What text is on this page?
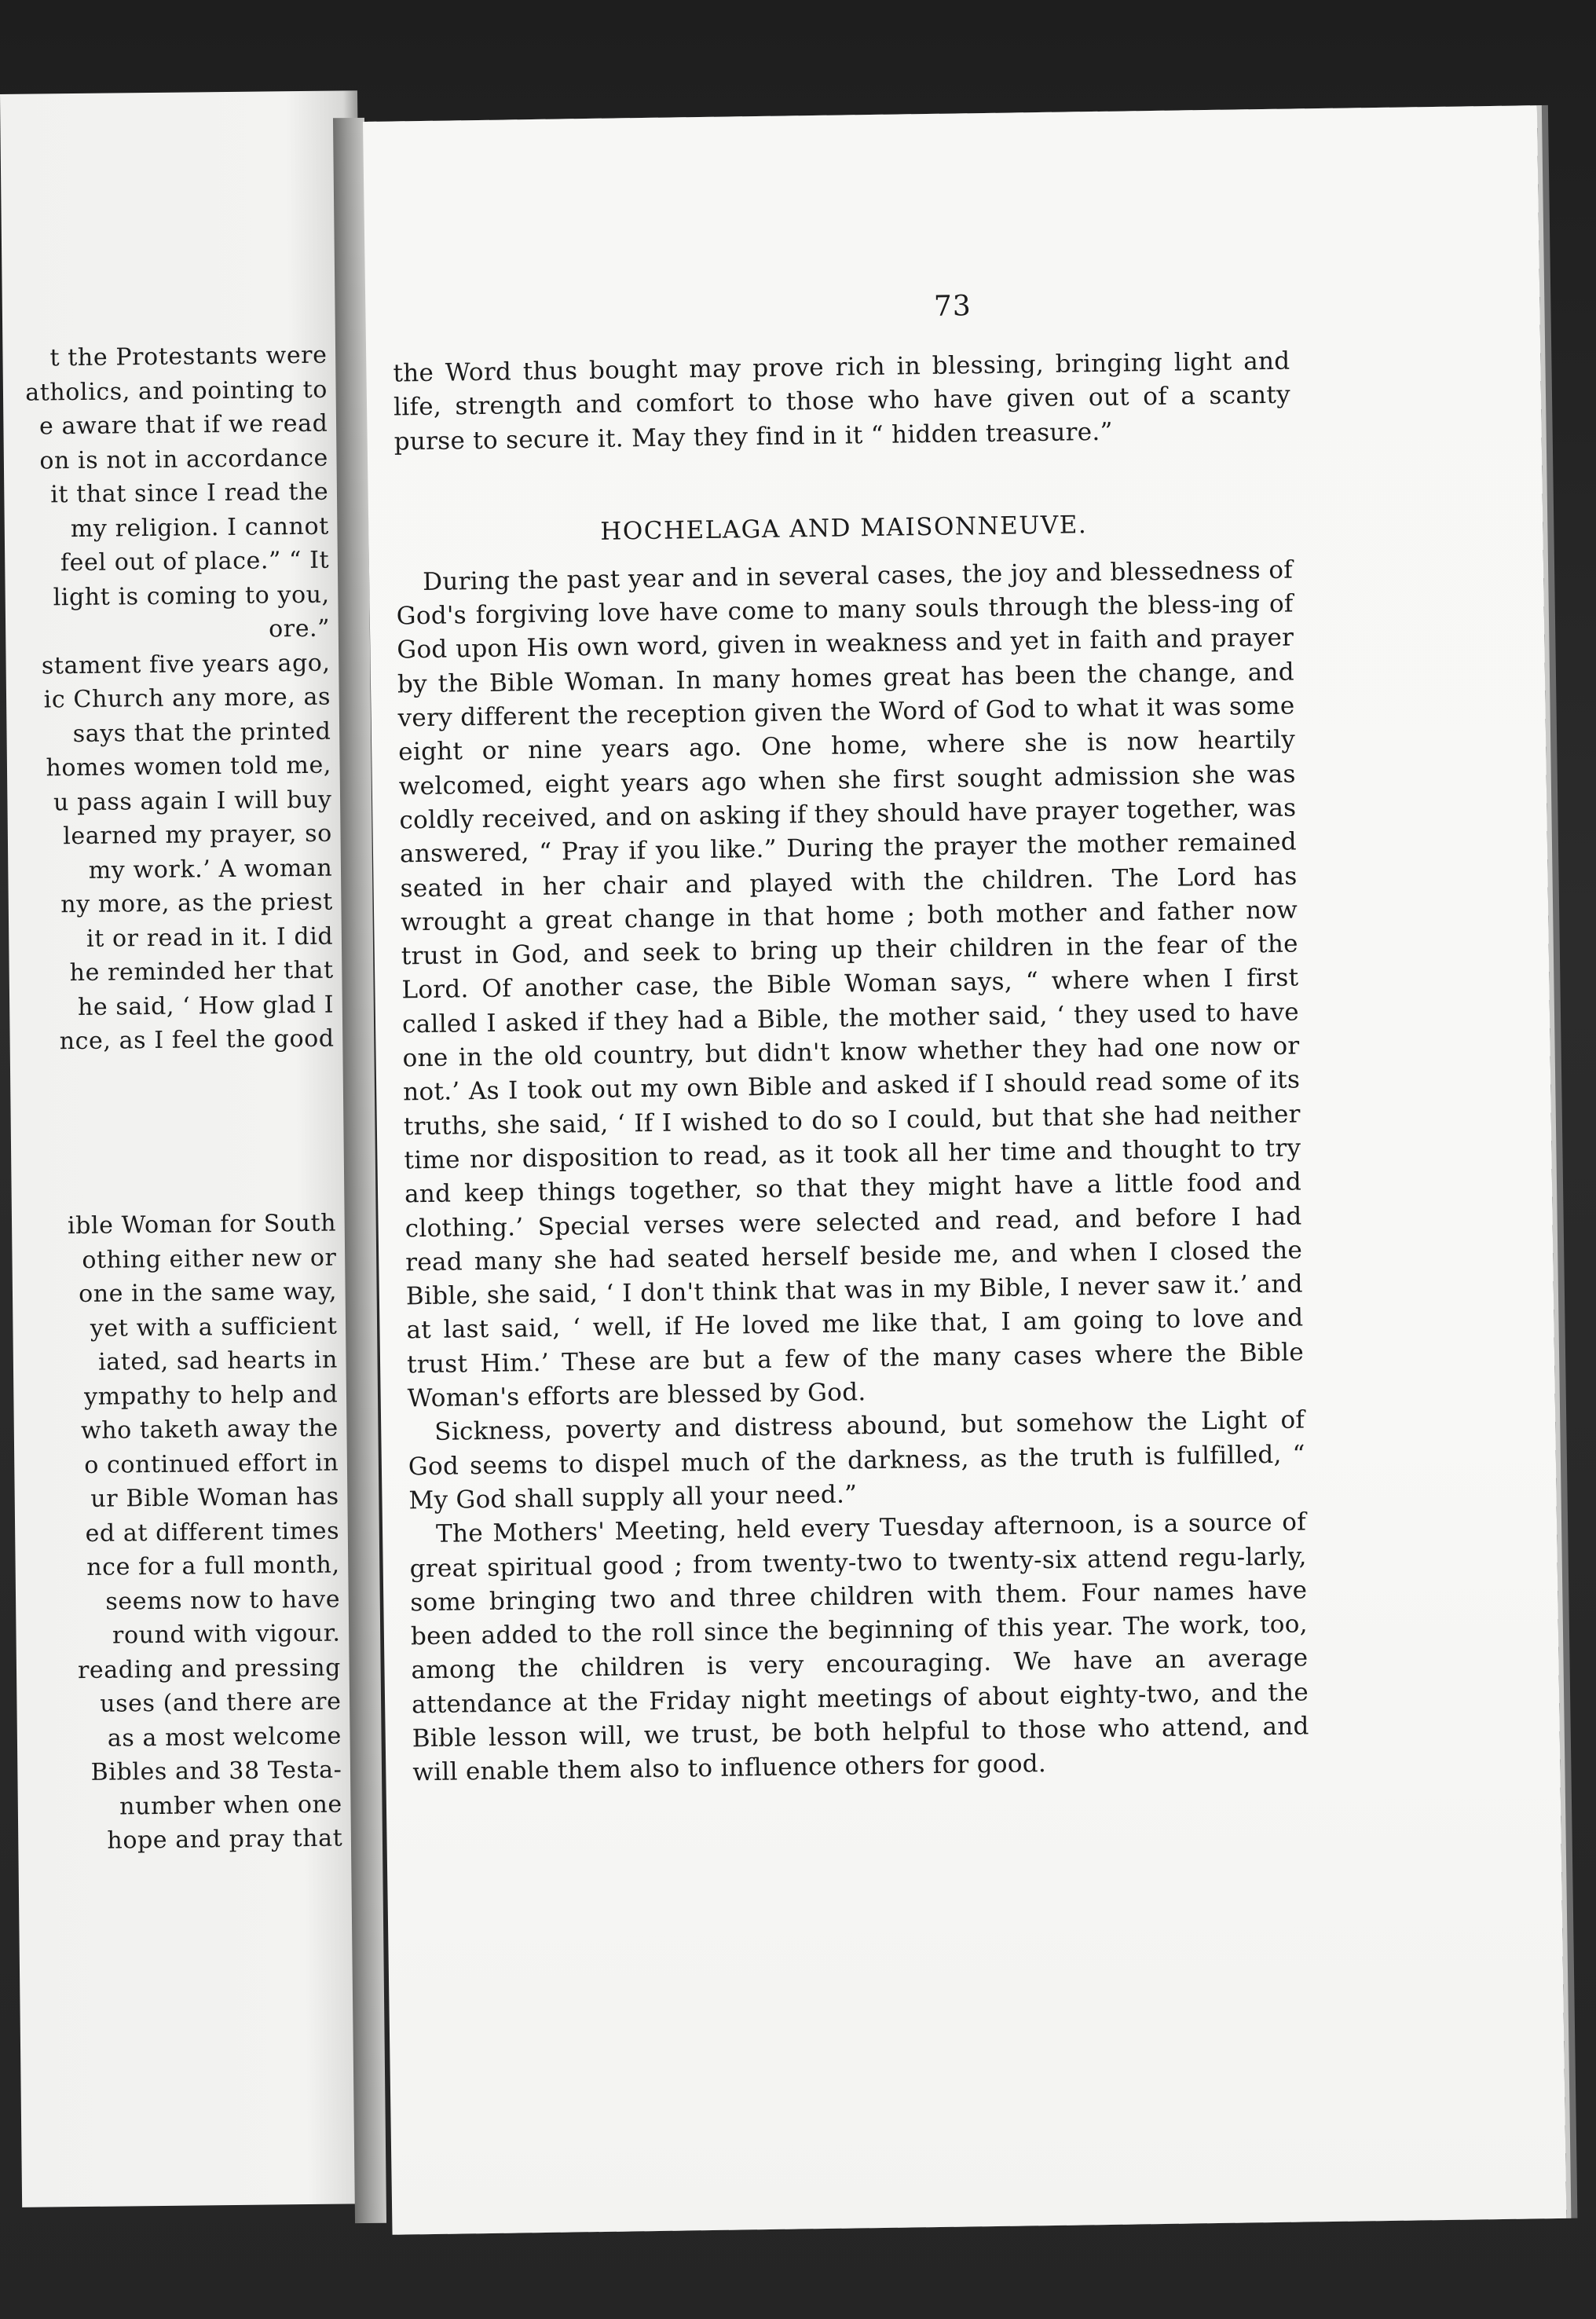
t the Protestants were
atholics, and pointing to
e aware that if we read
on is not in accordance
it that since I read the
my religion. I cannot
feel out of place.” “ It
light is coming to you,
ore.”
stament five years ago,
ic Church any more, as
says that the printed
homes women told me,
u pass again I will buy
learned my prayer, so
my work.’ A woman
ny more, as the priest
it or read in it. I did
he reminded her that
he said, ‘ How glad I
nce, as I feel the good
ible Woman for South
othing either new or
one in the same way,
yet with a sufficient
iated, sad hearts in
ympathy to help and
who taketh away the
o continued effort in
ur Bible Woman has
ed at different times
nce for a full month,
seems now to have
round with vigour.
reading and pressing
uses (and there are
as a most welcome
Bibles and 38 Testa-
number when one
hope and pray that
73

the Word thus bought may prove rich in blessing, bringing light and life, strength and comfort to those who have given out of a scanty purse to secure it. May they find in it “ hidden treasure.”

HOCHELAGA AND MAISONNEUVE.

During the past year and in several cases, the joy and blessedness of God's forgiving love have come to many souls through the bless-ing of God upon His own word, given in weakness and yet in faith and prayer by the Bible Woman. In many homes great has been the change, and very different the reception given the Word of God to what it was some eight or nine years ago. One home, where she is now heartily welcomed, eight years ago when she first sought admission she was coldly received, and on asking if they should have prayer together, was answered, “ Pray if you like.” During the prayer the mother remained seated in her chair and played with the children. The Lord has wrought a great change in that home ; both mother and father now trust in God, and seek to bring up their children in the fear of the Lord. Of another case, the Bible Woman says, “ where when I first called I asked if they had a Bible, the mother said, ‘ they used to have one in the old country, but didn't know whether they had one now or not.’ As I took out my own Bible and asked if I should read some of its truths, she said, ‘ If I wished to do so I could, but that she had neither time nor disposition to read, as it took all her time and thought to try and keep things together, so that they might have a little food and clothing.’ Special verses were selected and read, and before I had read many she had seated herself beside me, and when I closed the Bible, she said, ‘ I don't think that was in my Bible, I never saw it.’ and at last said, ‘ well, if He loved me like that, I am going to love and trust Him.’ These are but a few of the many cases where the Bible Woman's efforts are blessed by God.

Sickness, poverty and distress abound, but somehow the Light of God seems to dispel much of the darkness, as the truth is fulfilled, “ My God shall supply all your need.”

The Mothers' Meeting, held every Tuesday afternoon, is a source of great spiritual good ; from twenty-two to twenty-six attend regu-larly, some bringing two and three children with them. Four names have been added to the roll since the beginning of this year. The work, too, among the children is very encouraging. We have an average attendance at the Friday night meetings of about eighty-two, and the Bible lesson will, we trust, be both helpful to those who attend, and will enable them also to influence others for good.
